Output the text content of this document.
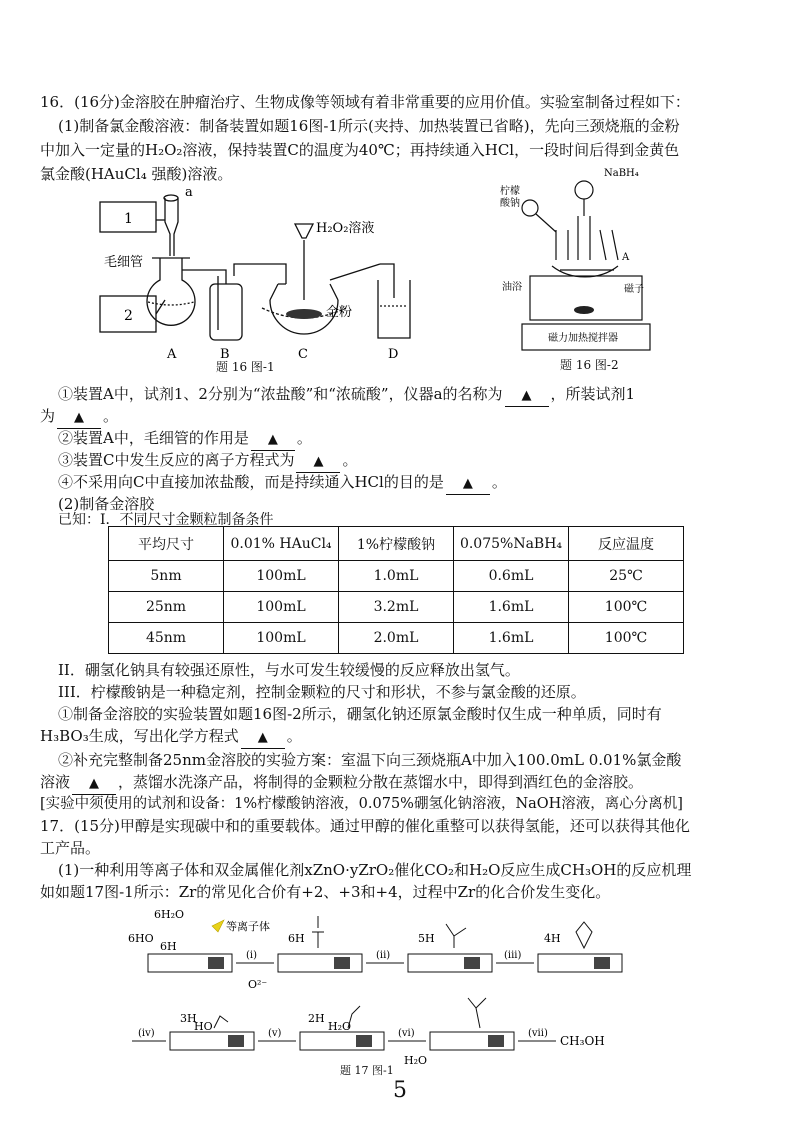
16．(16分)金溶胶在肿瘤治疗、生物成像等领域有着非常重要的应用价值。实验室制备过程如下：
(1)制备氯金酸溶液：制备装置如题16图-1所示(夹持、加热装置已省略)，先向三颈烧瓶的金粉
中加入一定量的H₂O₂溶液，保持装置C的温度为40℃；再持续通入HCl，一段时间后得到金黄色
氯金酸(HAuCl₄ 强酸)溶液。
1
2
a
毛细管
H₂O₂溶液
金粉
A	B	C	D
题 16 图-1
NaBH₄
柠檬
酸钠
A
油浴	磁子
磁力加热搅拌器
题 16 图-2
①装置A中，试剂1、2分别为“浓盐酸”和“浓硫酸”，仪器a的名称为 ▲ ，所装试剂1
为 ▲ 。
②装置A中，毛细管的作用是 ▲ 。
③装置C中发生反应的离子方程式为 ▲ 。
④不采用向C中直接加浓盐酸，而是持续通入HCl的目的是 ▲ 。
(2)制备金溶胶
已知：I．不同尺寸金颗粒制备条件
平均尺寸	0.01% HAuCl₄	1%柠檬酸钠	0.075%NaBH₄	反应温度
5nm	100mL	1.0mL	0.6mL	25℃
25nm	100mL	3.2mL	1.6mL	100℃
45nm	100mL	2.0mL	1.6mL	100℃
II．硼氢化钠具有较强还原性，与水可发生较缓慢的反应释放出氢气。
III．柠檬酸钠是一种稳定剂，控制金颗粒的尺寸和形状，不参与氯金酸的还原。
①制备金溶胶的实验装置如题16图-2所示，硼氢化钠还原氯金酸时仅生成一种单质，同时有
H₃BO₃生成，写出化学方程式 ▲ 。
②补充完整制备25nm金溶胶的实验方案：室温下向三颈烧瓶A中加入100.0mL 0.01%氯金酸
溶液 ▲ ，蒸馏水洗涤产品，将制得的金颗粒分散在蒸馏水中，即得到酒红色的金溶胶。
[实验中须使用的试剂和设备：1%柠檬酸钠溶液，0.075%硼氢化钠溶液，NaOH溶液，离心分离机]
17．(15分)甲醇是实现碳中和的重要载体。通过甲醇的催化重整可以获得氢能，还可以获得其他化
工产品。
(1)一种利用等离子体和双金属催化剂xZnO·yZrO₂催化CO₂和H₂O反应生成CH₃OH的反应机理
如如题17图-1所示：Zr的常见化合价有+2、+3和+4，过程中Zr的化合价发生变化。
6H₂O
6HO
6H
等离子体
O²⁻
6H	5H	4H
3H	2H
(i)	(ii)	(iii)
(iv)	(v)	(vi)	(vii)
HO	H₂O
H₂O
CH₃OH
题 17 图-1
5
